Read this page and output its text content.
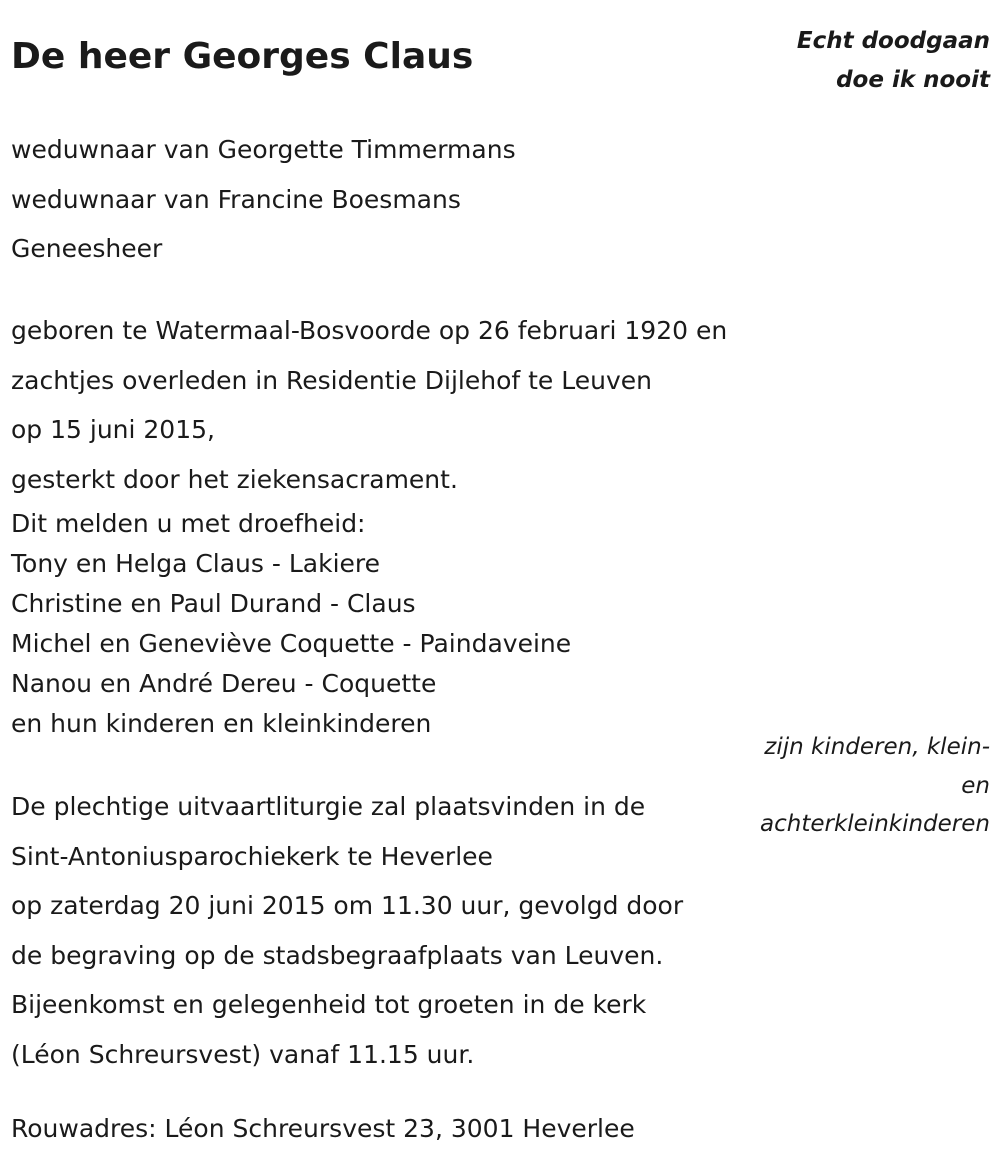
De heer Georges Claus	Echt doodgaan
doe ik nooit
weduwnaar van Georgette Timmermans
weduwnaar van Francine Boesmans
Geneesheer
geboren te Watermaal-Bosvoorde op 26 februari 1920 en
zachtjes overleden in Residentie Dijlehof te Leuven
op 15 juni 2015,
gesterkt door het ziekensacrament.
Dit melden u met droefheid:
Tony en Helga Claus - Lakiere
Christine en Paul Durand - Claus
Michel en Geneviève Coquette - Paindaveine
Nanou en André Dereu - Coquette
en hun kinderen en kleinkinderen
zijn kinderen, klein-
en
achterkleinkinderen
De plechtige uitvaartliturgie zal plaatsvinden in de
Sint-Antoniusparochiekerk te Heverlee
op zaterdag 20 juni 2015 om 11.30 uur, gevolgd door
de begraving op de stadsbegraafplaats van Leuven.
Bijeenkomst en gelegenheid tot groeten in de kerk
(Léon Schreursvest) vanaf 11.15 uur.
Rouwadres: Léon Schreursvest 23, 3001 Heverlee
